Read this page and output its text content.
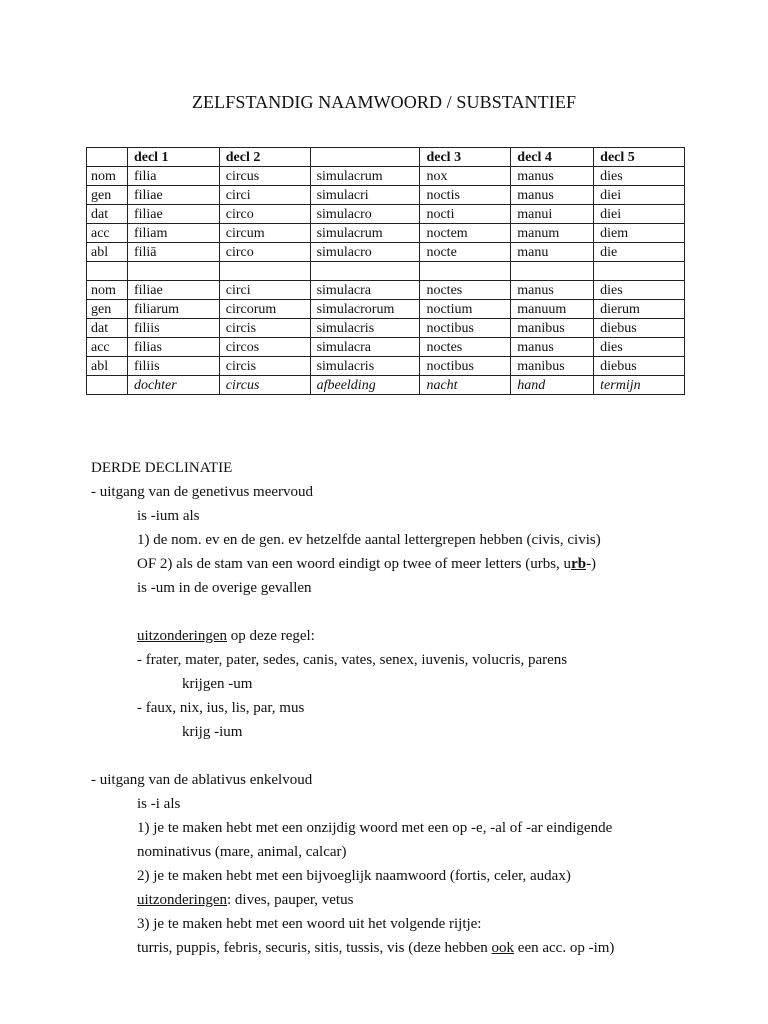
ZELFSTANDIG NAAMWOORD / SUBSTANTIEF
	decl 1	decl 2		decl 3	decl 4	decl 5
nom	filia	circus	simulacrum	nox	manus	dies
gen	filiae	circi	simulacri	noctis	manus	diei
dat	filiae	circo	simulacro	nocti	manui	diei
acc	filiam	circum	simulacrum	noctem	manum	diem
abl	filiā	circo	simulacro	nocte	manu	die

nom	filiae	circi	simulacra	noctes	manus	dies
gen	filiarum	circorum	simulacrorum	noctium	manuum	dierum
dat	filiis	circis	simulacris	noctibus	manibus	diebus
acc	filias	circos	simulacra	noctes	manus	dies
abl	filiis	circis	simulacris	noctibus	manibus	diebus
	dochter	circus	afbeelding	nacht	hand	termijn
DERDE DECLINATIE
- uitgang van de genetivus meervoud
is -ium als
1) de nom. ev en de gen. ev hetzelfde aantal lettergrepen hebben (civis, civis)
OF 2) als de stam van een woord eindigt op twee of meer letters (urbs, urb-)
is -um in de overige gevallen
uitzonderingen op deze regel:
- frater, mater, pater, sedes, canis, vates, senex, iuvenis, volucris, parens
krijgen -um
- faux, nix, ius, lis, par, mus
krijg -ium
- uitgang van de ablativus enkelvoud
is -i als
1) je te maken hebt met een onzijdig woord met een op -e, -al of -ar eindigende
nominativus (mare, animal, calcar)
2) je te maken hebt met een bijvoeglijk naamwoord (fortis, celer, audax)
uitzonderingen: dives, pauper, vetus
3) je te maken hebt met een woord uit het volgende rijtje:
turris, puppis, febris, securis, sitis, tussis, vis (deze hebben ook een acc. op -im)
